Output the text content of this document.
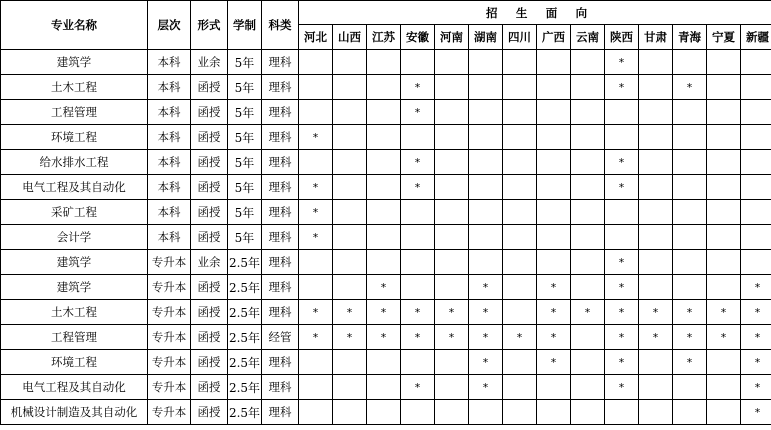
专业名称	层次	形式	学制	科类	招生面向													
					河北	山西	江苏	安徽	河南	湖南	四川	广西	云南	陕西	甘肃	青海	宁夏	新疆
建筑学	本科	业余	5年	理科										*				
土木工程	本科	函授	5年	理科				*						*		*		
工程管理	本科	函授	5年	理科				*										
环境工程	本科	函授	5年	理科	*													
给水排水工程	本科	函授	5年	理科				*						*				
电气工程及其自动化	本科	函授	5年	理科	*			*						*				
采矿工程	本科	函授	5年	理科	*													
会计学	本科	函授	5年	理科	*													
建筑学	专升本	业余	2.5年	理科										*				
建筑学	专升本	函授	2.5年	理科			*			*		*		*				*
土木工程	专升本	函授	2.5年	理科	*	*	*	*	*	*		*	*	*	*	*	*	*
工程管理	专升本	函授	2.5年	经管	*	*	*	*	*	*	*	*		*	*	*	*	*
环境工程	专升本	函授	2.5年	理科						*		*		*		*		*
电气工程及其自动化	专升本	函授	2.5年	理科				*		*				*				*
机械设计制造及其自动化	专升本	函授	2.5年	理科														*
